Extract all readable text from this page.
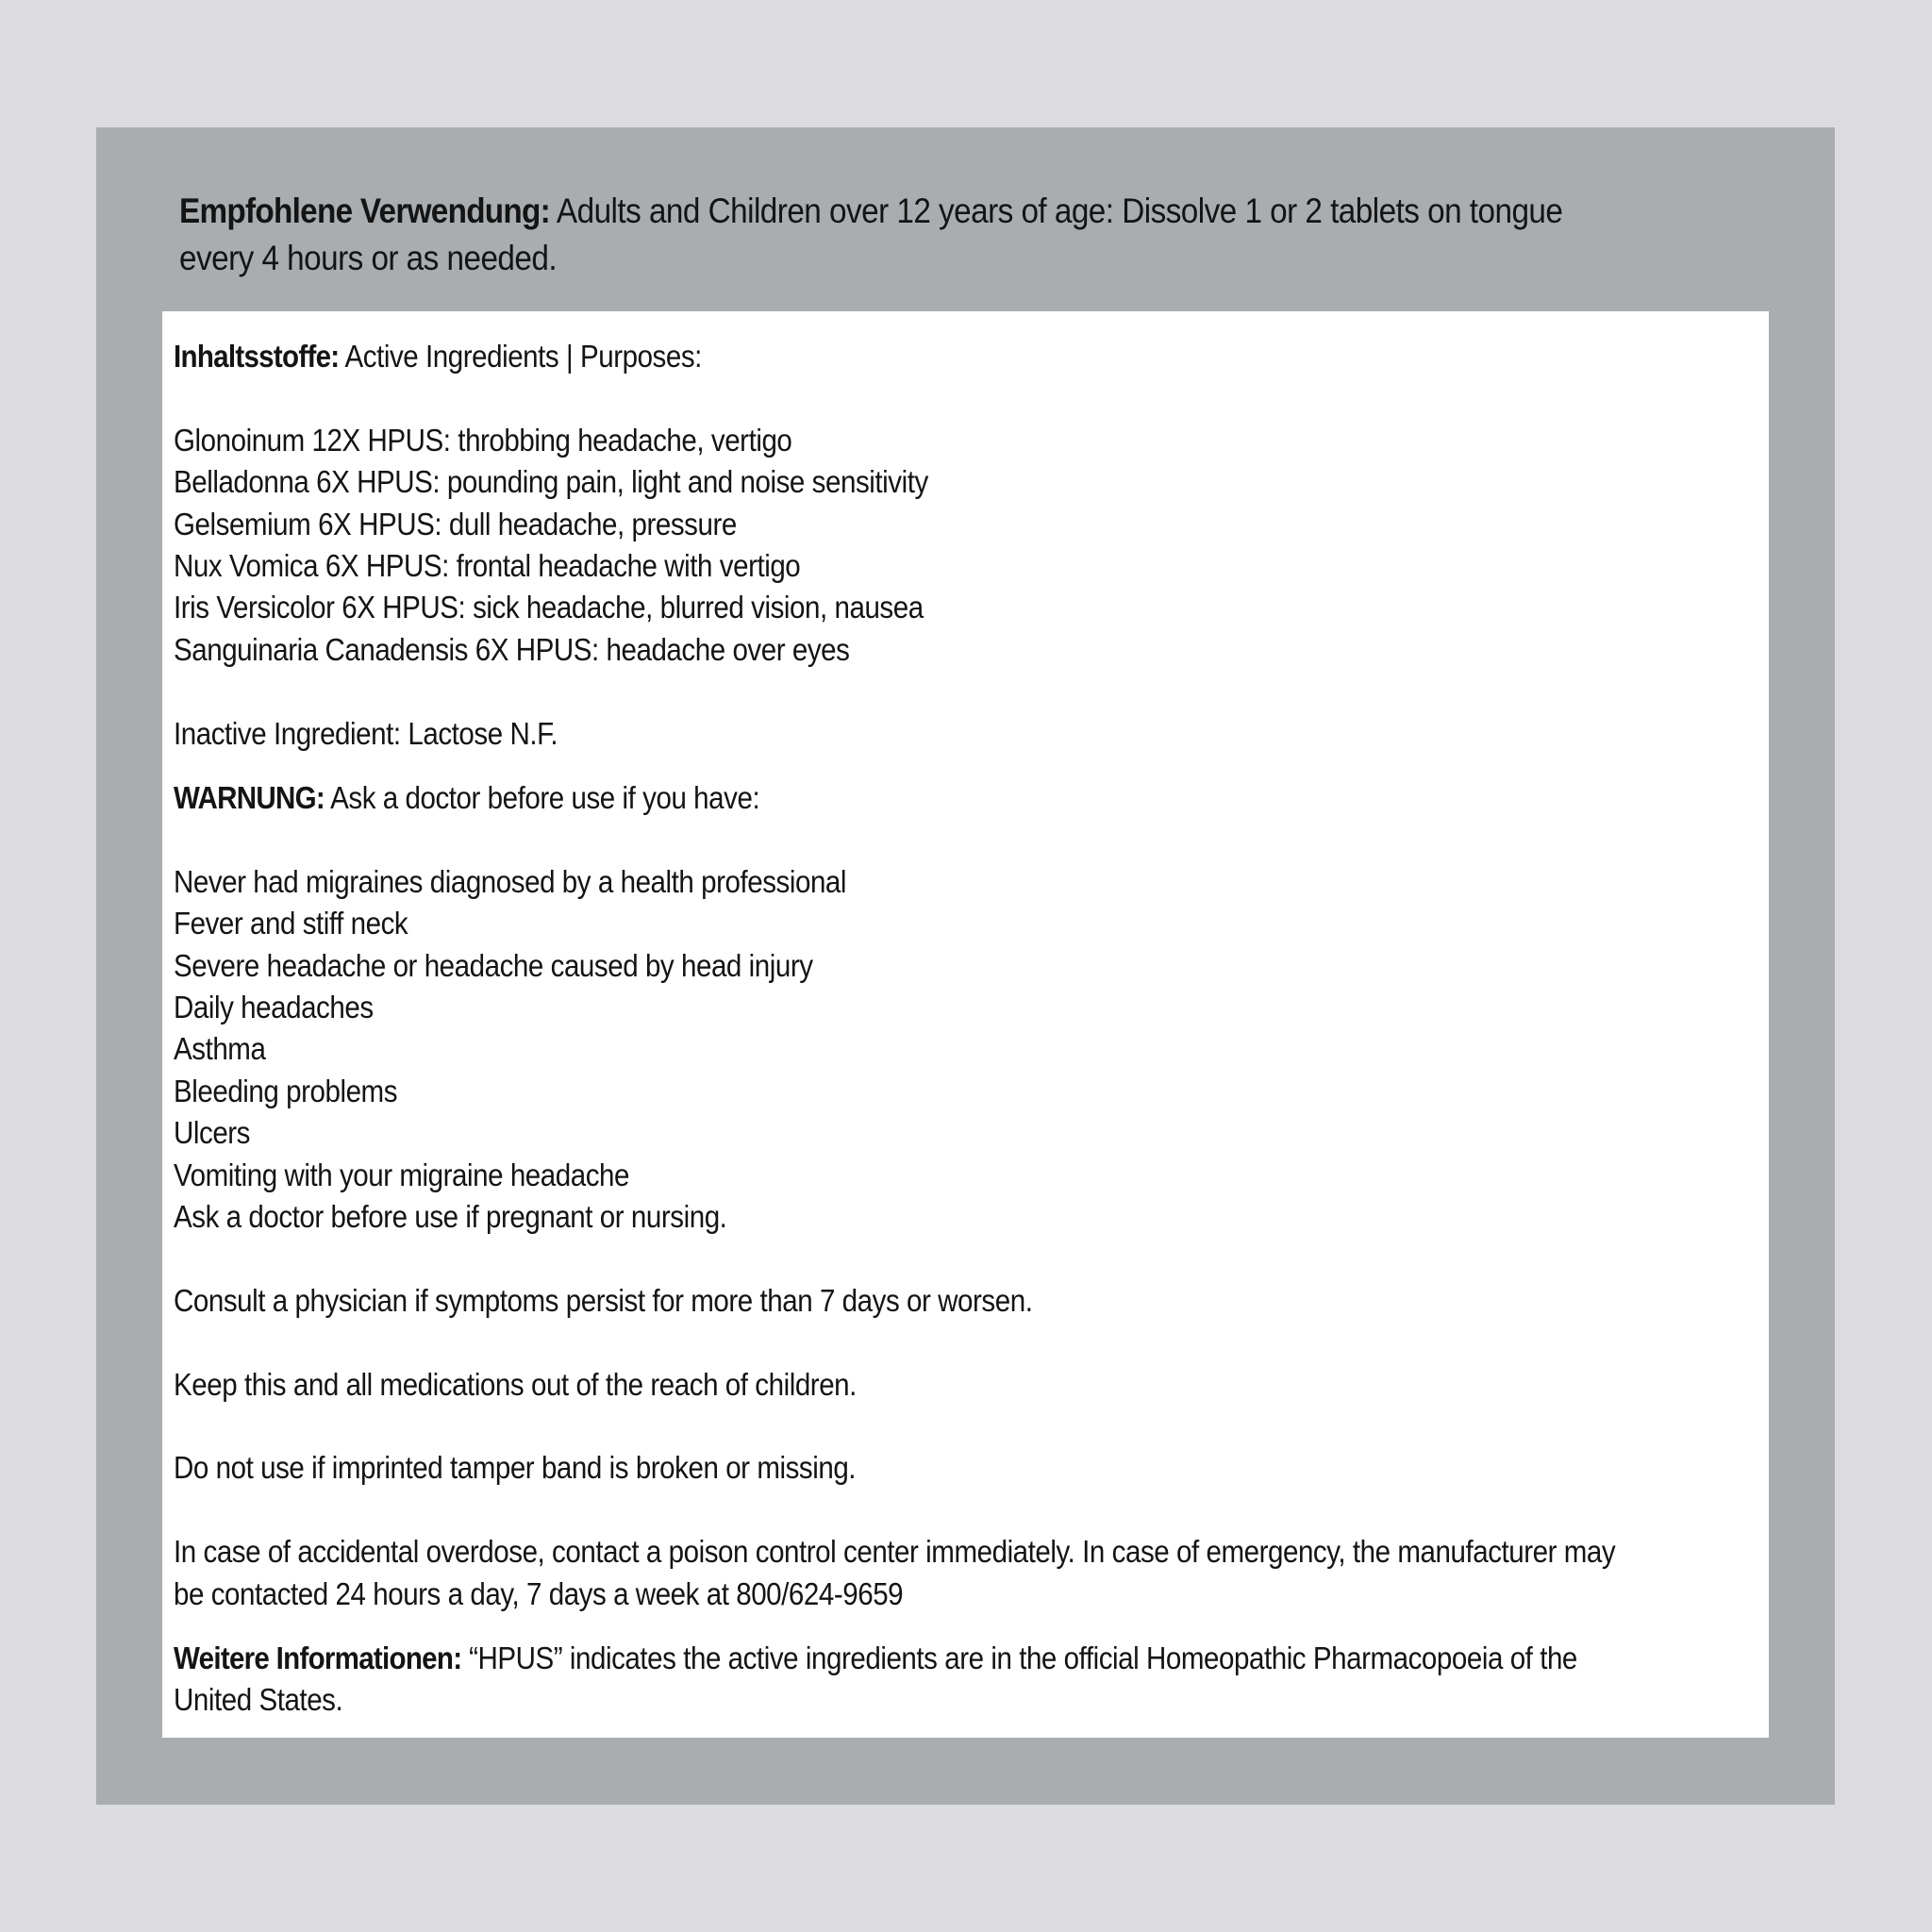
Empfohlene Verwendung: Adults and Children over 12 years of age: Dissolve 1 or 2 tablets on tongue every 4 hours or as needed.
Inhaltsstoffe: Active Ingredients | Purposes:
Glonoinum 12X HPUS: throbbing headache, vertigo
Belladonna 6X HPUS: pounding pain, light and noise sensitivity
Gelsemium 6X HPUS: dull headache, pressure
Nux Vomica 6X HPUS: frontal headache with vertigo
Iris Versicolor 6X HPUS: sick headache, blurred vision, nausea
Sanguinaria Canadensis 6X HPUS: headache over eyes
Inactive Ingredient: Lactose N.F.
WARNUNG: Ask a doctor before use if you have:
Never had migraines diagnosed by a health professional
Fever and stiff neck
Severe headache or headache caused by head injury
Daily headaches
Asthma
Bleeding problems
Ulcers
Vomiting with your migraine headache
Ask a doctor before use if pregnant or nursing.
Consult a physician if symptoms persist for more than 7 days or worsen.
Keep this and all medications out of the reach of children.
Do not use if imprinted tamper band is broken or missing.
In case of accidental overdose, contact a poison control center immediately. In case of emergency, the manufacturer may
be contacted 24 hours a day, 7 days a week at 800/624-9659
Weitere Informationen: “HPUS” indicates the active ingredients are in the official Homeopathic Pharmacopoeia of the
United States.
